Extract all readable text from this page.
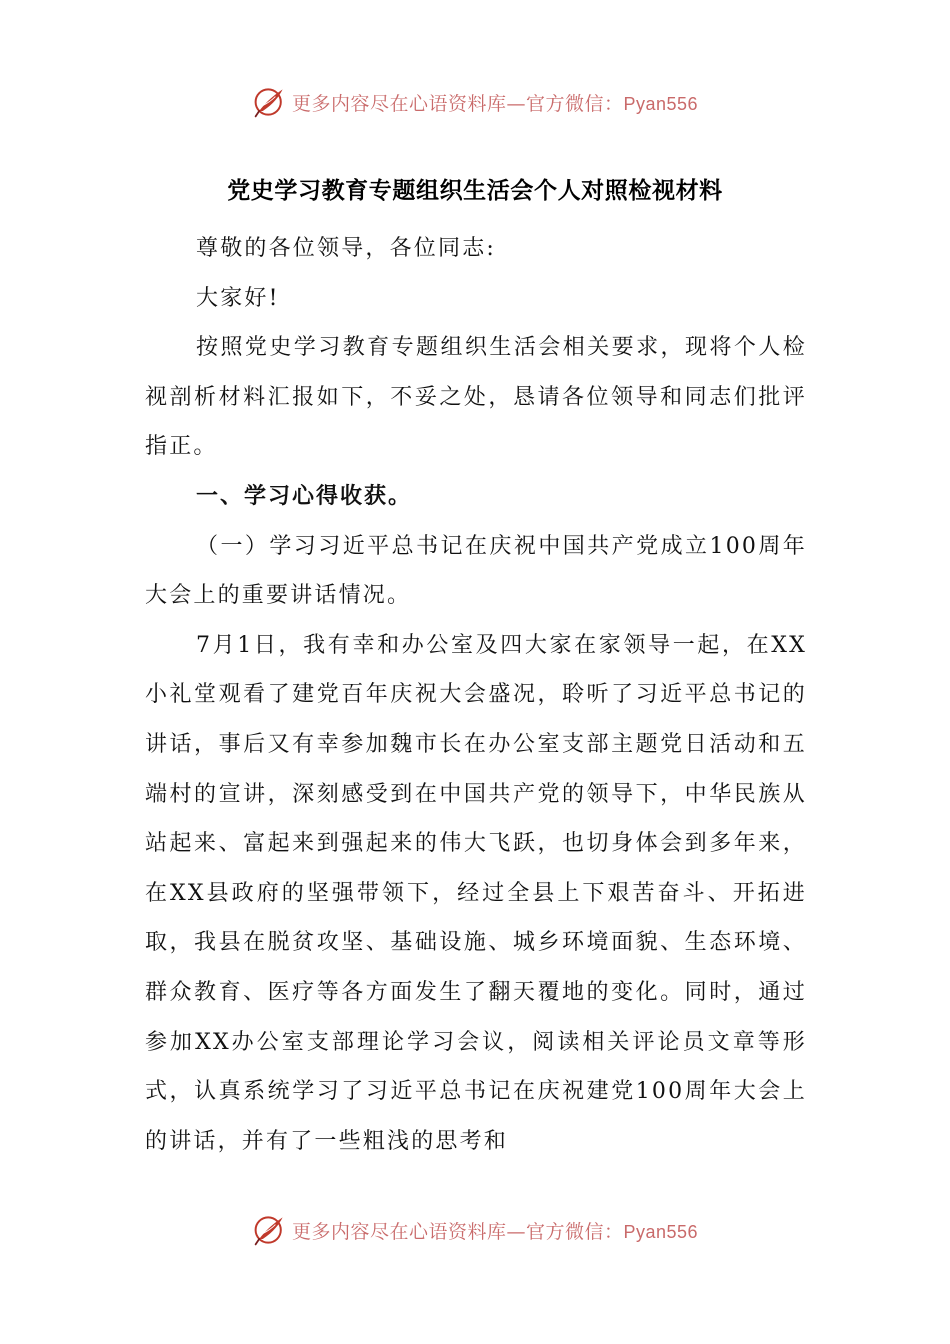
更多内容尽在心语资料库—官方微信：Pyan556
党史学习教育专题组织生活会个人对照检视材料

尊敬的各位领导，各位同志:

大家好!

按照党史学习教育专题组织生活会相关要求，现将个人检视剖析材料汇报如下，不妥之处，恳请各位领导和同志们批评指正。

一、学习心得收获。

（一）学习习近平总书记在庆祝中国共产党成立100周年大会上的重要讲话情况。

7月1日，我有幸和办公室及四大家在家领导一起，在XX小礼堂观看了建党百年庆祝大会盛况，聆听了习近平总书记的讲话，事后又有幸参加魏市长在办公室支部主题党日活动和五端村的宣讲，深刻感受到在中国共产党的领导下，中华民族从站起来、富起来到强起来的伟大飞跃，也切身体会到多年来，在XX县政府的坚强带领下，经过全县上下艰苦奋斗、开拓进取，我县在脱贫攻坚、基础设施、城乡环境面貌、生态环境、群众教育、医疗等各方面发生了翻天覆地的变化。同时，通过参加XX办公室支部理论学习会议，阅读相关评论员文章等形式，认真系统学习了习近平总书记在庆祝建党100周年大会上的讲话，并有了一些粗浅的思考和

更多内容尽在心语资料库—官方微信：Pyan556
